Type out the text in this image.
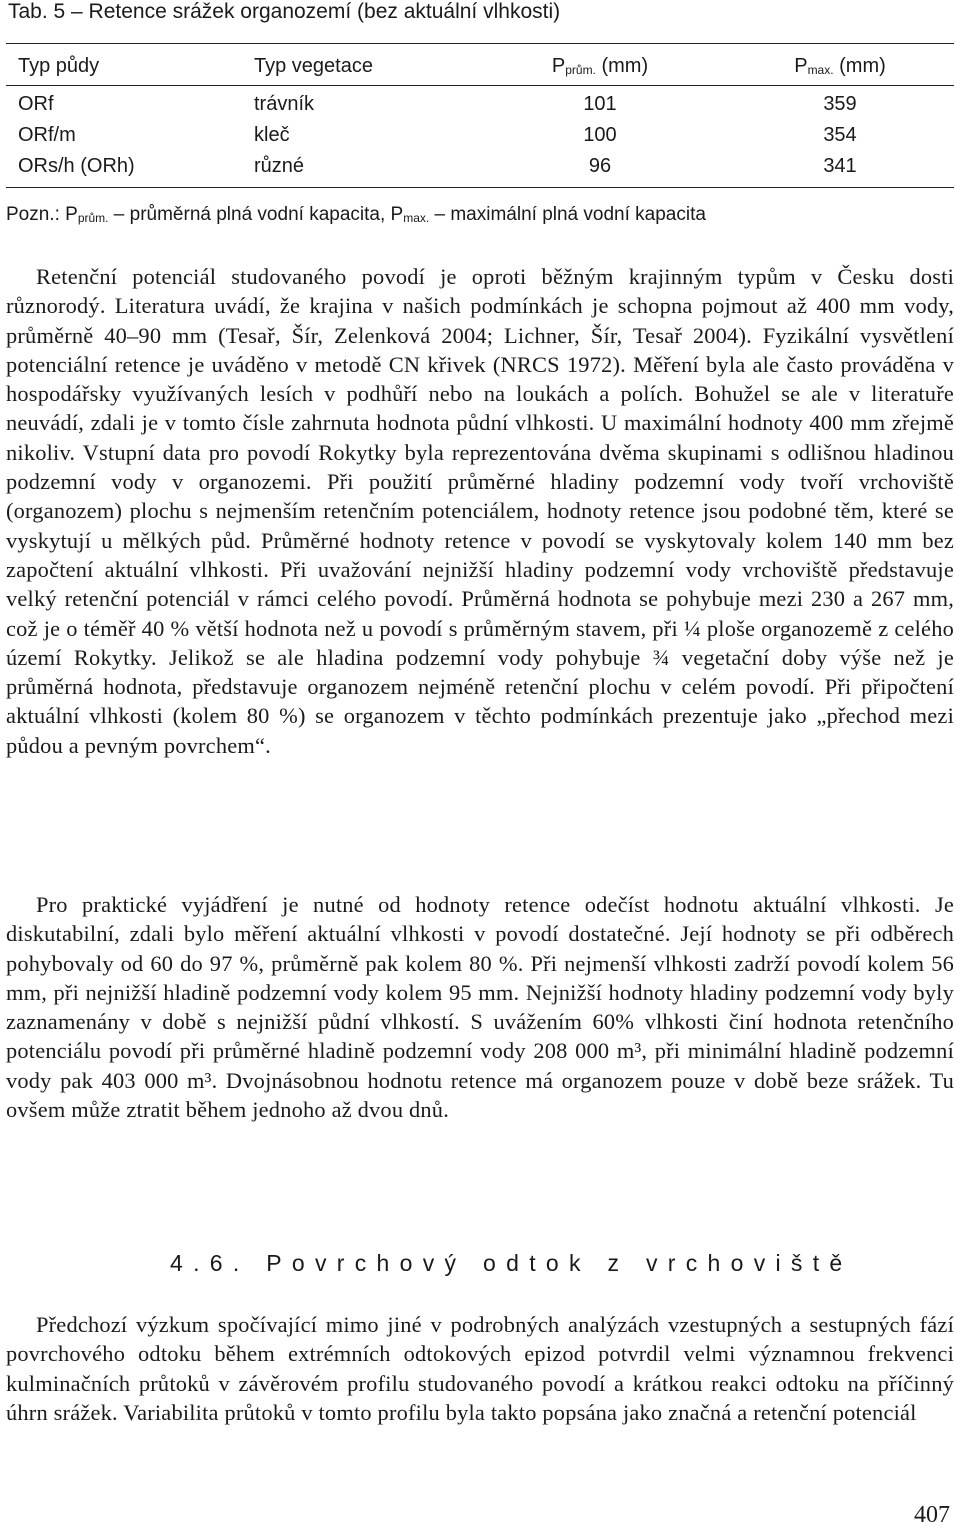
Tab. 5 – Retence srážek organozemí (bez aktuální vlhkosti)
Typ půdy	Typ vegetace	Pprům. (mm)	Pmax. (mm)
ORf	trávník	101	359
ORf/m	kleč	100	354
ORs/h (ORh)	různé	96	341
Pozn.: Pprům. – průměrná plná vodní kapacita, Pmax. – maximální plná vodní kapacita
Retenční potenciál studovaného povodí je oproti běžným krajinným typům v Česku dosti různorodý. Literatura uvádí, že krajina v našich podmínkách je schopna pojmout až 400 mm vody, průměrně 40–90 mm (Tesař, Šír, Zelenková 2004; Lichner, Šír, Tesař 2004). Fyzikální vysvětlení potenciální retence je uváděno v metodě CN křivek (NRCS 1972). Měření byla ale často prováděna v hospodářsky využívaných lesích v podhůří nebo na loukách a polích. Bohužel se ale v literatuře neuvádí, zdali je v tomto čísle zahrnuta hodnota půdní vlhkosti. U maximální hodnoty 400 mm zřejmě nikoliv. Vstupní data pro povodí Rokytky byla reprezentována dvěma skupinami s odlišnou hladinou podzemní vody v organozemi. Při použití průměrné hladiny podzemní vody tvoří vrchoviště (organozem) plochu s nejmenším retenčním potenciálem, hodnoty retence jsou podobné těm, které se vyskytují u mělkých půd. Průměrné hodnoty retence v povodí se vyskytovaly kolem 140 mm bez započtení aktuální vlhkosti. Při uvažování nejnižší hladiny podzemní vody vrchoviště představuje velký retenční potenciál v rámci celého povodí. Průměrná hodnota se pohybuje mezi 230 a 267 mm, což je o téměř 40 % větší hodnota než u povodí s průměrným stavem, při ¼ ploše organozemě z celého území Rokytky. Jelikož se ale hladina podzemní vody pohybuje ¾ vegetační doby výše než je průměrná hodnota, představuje organozem nejméně retenční plochu v celém povodí. Při připočtení aktuální vlhkosti (kolem 80 %) se organozem v těchto podmínkách prezentuje jako „přechod mezi půdou a pevným povrchem“.
Pro praktické vyjádření je nutné od hodnoty retence odečíst hodnotu aktuální vlhkosti. Je diskutabilní, zdali bylo měření aktuální vlhkosti v povodí dostatečné. Její hodnoty se při odběrech pohybovaly od 60 do 97 %, průměrně pak kolem 80 %. Při nejmenší vlhkosti zadrží povodí kolem 56 mm, při nejnižší hladině podzemní vody kolem 95 mm. Nejnižší hodnoty hladiny podzemní vody byly zaznamenány v době s nejnižší půdní vlhkostí. S uvážením 60% vlhkosti činí hodnota retenčního potenciálu povodí při průměrné hladině podzemní vody 208 000 m³, při minimální hladině podzemní vody pak 403 000 m³. Dvojnásobnou hodnotu retence má organozem pouze v době beze srážek. Tu ovšem může ztratit během jednoho až dvou dnů.
4.6. Povrchový odtok z vrchoviště
Předchozí výzkum spočívající mimo jiné v podrobných analýzách vzestupných a sestupných fází povrchového odtoku během extrémních odtokových epizod potvrdil velmi významnou frekvenci kulminačních průtoků v závěrovém profilu studovaného povodí a krátkou reakci odtoku na příčinný úhrn srážek. Variabilita průtoků v tomto profilu byla takto popsána jako značná a retenční potenciál
407
